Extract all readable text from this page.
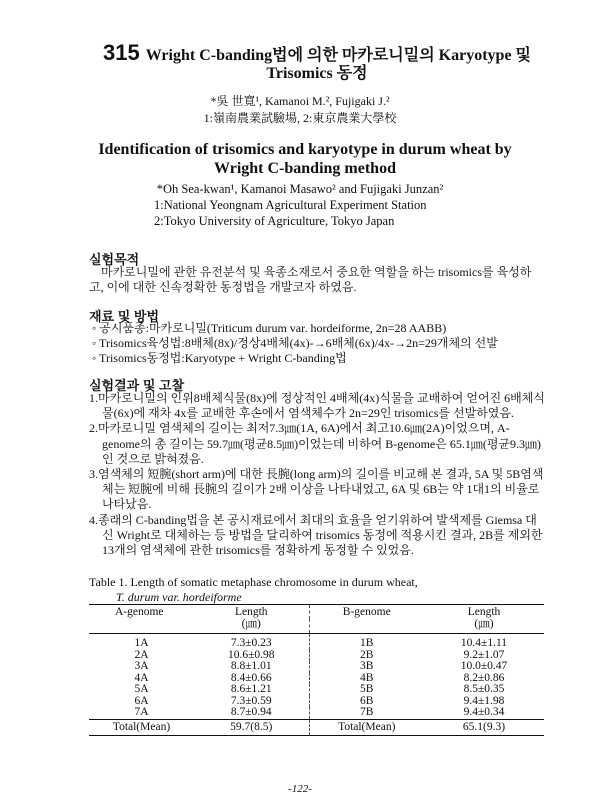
315 Wright C-banding법에 의한 마카로니밀의 Karyotype 및
Trisomics 동정
*吳 世寬¹, Kamanoi M.², Fujigaki J.²
1:嶺南農業試驗場, 2:東京農業大學校
Identification of trisomics and karyotype in durum wheat by
Wright C-banding method
*Oh Sea-kwan¹, Kamanoi Masawo² and Fujigaki Junzan²
1:National Yeongnam Agricultural Experiment Station
2:Tokyo University of Agriculture, Tokyo Japan
실험목적
마카로니밀에 관한 유전분석 및 육종소재로서 중요한 역할을 하는 trisomics를 육성하고, 이에 대한 신속정확한 동정법을 개발코자 하였음.
재료 및 방법
◦ 공시품종:마카로니밀(Triticum durum var. hordeiforme, 2n=28 AABB)
◦ Trisomics육성법:8배체(8x)/정상4배체(4x)-→6배체(6x)/4x-→2n=29개체의 선발
◦ Trisomics동정법:Karyotype + Wright C-banding법
실험결과 및 고찰
1.마카로니밀의 인위8배체식물(8x)에 정상적인 4배체(4x)식물을 교배하여 얻어진 6배체식물(6x)에 재차 4x를 교배한 후손에서 염색체수가 2n=29인 trisomics를 선발하였음.
2.마카로니밀 염색체의 길이는 최저7.3㎛(1A, 6A)에서 최고10.6㎛(2A)이었으며, A-genome의 총 길이는 59.7㎛(평균8.5㎛)이었는데 비하여 B-genome은 65.1㎛(평균9.3㎛)인 것으로 밝혀졌음.
3.염색체의 短腕(short arm)에 대한 長腕(long arm)의 길이를 비교해 본 결과, 5A 및 5B염색체는 短腕에 비해 長腕의 길이가 2배 이상을 나타내었고, 6A 및 6B는 약 1대1의 비율로 나타났음.
4.종래의 C-banding법을 본 공시재료에서 최대의 효율을 얻기위하여 발색제를 Giemsa 대신 Wright로 대체하는 등 방법을 달리하여 trisomics 동정에 적용시킨 결과, 2B를 제외한 13개의 염색체에 관한 trisomics를 정확하게 동정할 수 있었음.
Table 1. Length of somatic metaphase chromosome in durum wheat,
T. durum var. hordeiforme
A-genome	Length	B-genome	Length
	(㎛)		(㎛)
1A	7.3±0.23	1B	10.4±1.11
2A	10.6±0.98	2B	9.2±1.07
3A	8.8±1.01	3B	10.0±0.47
4A	8.4±0.66	4B	8.2±0.86
5A	8.6±1.21	5B	8.5±0.35
6A	7.3±0.59	6B	9.4±1.98
7A	8.7±0.94	7B	9.4±0.34
Total(Mean)	59.7(8.5)	Total(Mean)	65.1(9.3)
-122-
